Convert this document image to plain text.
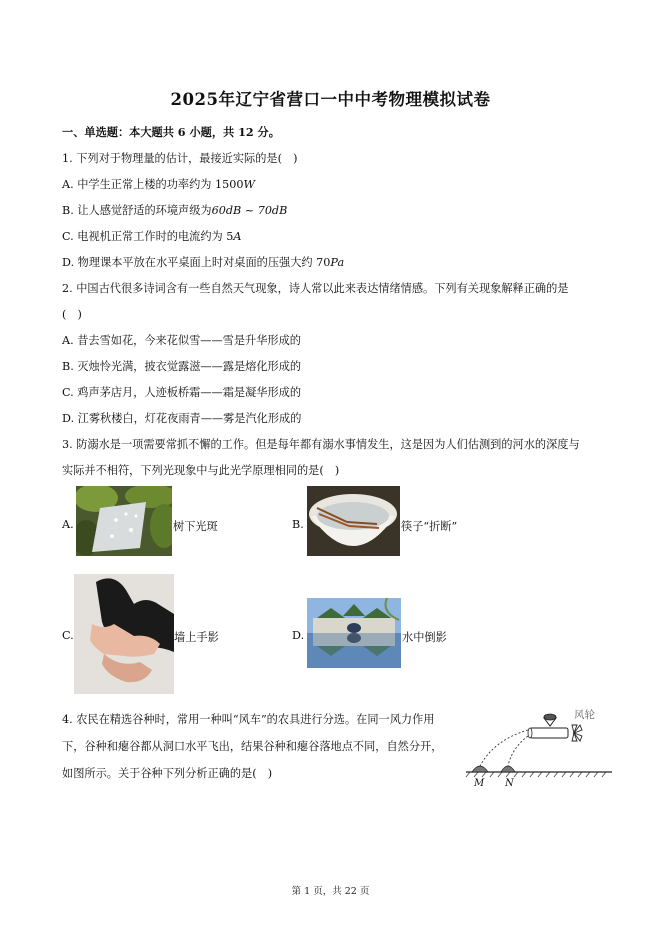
2025年辽宁省营口一中中考物理模拟试卷
一、单选题：本大题共 6 小题，共 12 分。
1. 下列对于物理量的估计，最接近实际的是(　)
A. 中学生正常上楼的功率约为 1500W
B. 让人感觉舒适的环境声级为60dB ~ 70dB
C. 电视机正常工作时的电流约为 5A
D. 物理课本平放在水平桌面上时对桌面的压强大约 70Pa
2. 中国古代很多诗词含有一些自然天气现象，诗人常以此来表达情绪情感。下列有关现象解释正确的是
(　)
A. 昔去雪如花，今来花似雪——雪是升华形成的
B. 灭烛怜光满，披衣觉露滋——露是熔化形成的
C. 鸡声茅店月，人迹板桥霜——霜是凝华形成的
D. 江雾秋楼白，灯花夜雨青——雾是汽化形成的
3. 防溺水是一项需要常抓不懈的工作。但是每年都有溺水事情发生，这是因为人们估测到的河水的深度与
实际并不相符，下列光现象中与此光学原理相同的是(　)
A.	树下光斑	B.	筷子“折断”
C.	墙上手影	D.	水中倒影
4. 农民在精选谷种时，常用一种叫“风车”的农具进行分选。在同一风力作用
下，谷种和瘪谷都从洞口水平飞出，结果谷种和瘪谷落地点不同，自然分开，
如图所示。关于谷种下列分析正确的是(　)
风轮
M N
第 1 页，共 22 页
